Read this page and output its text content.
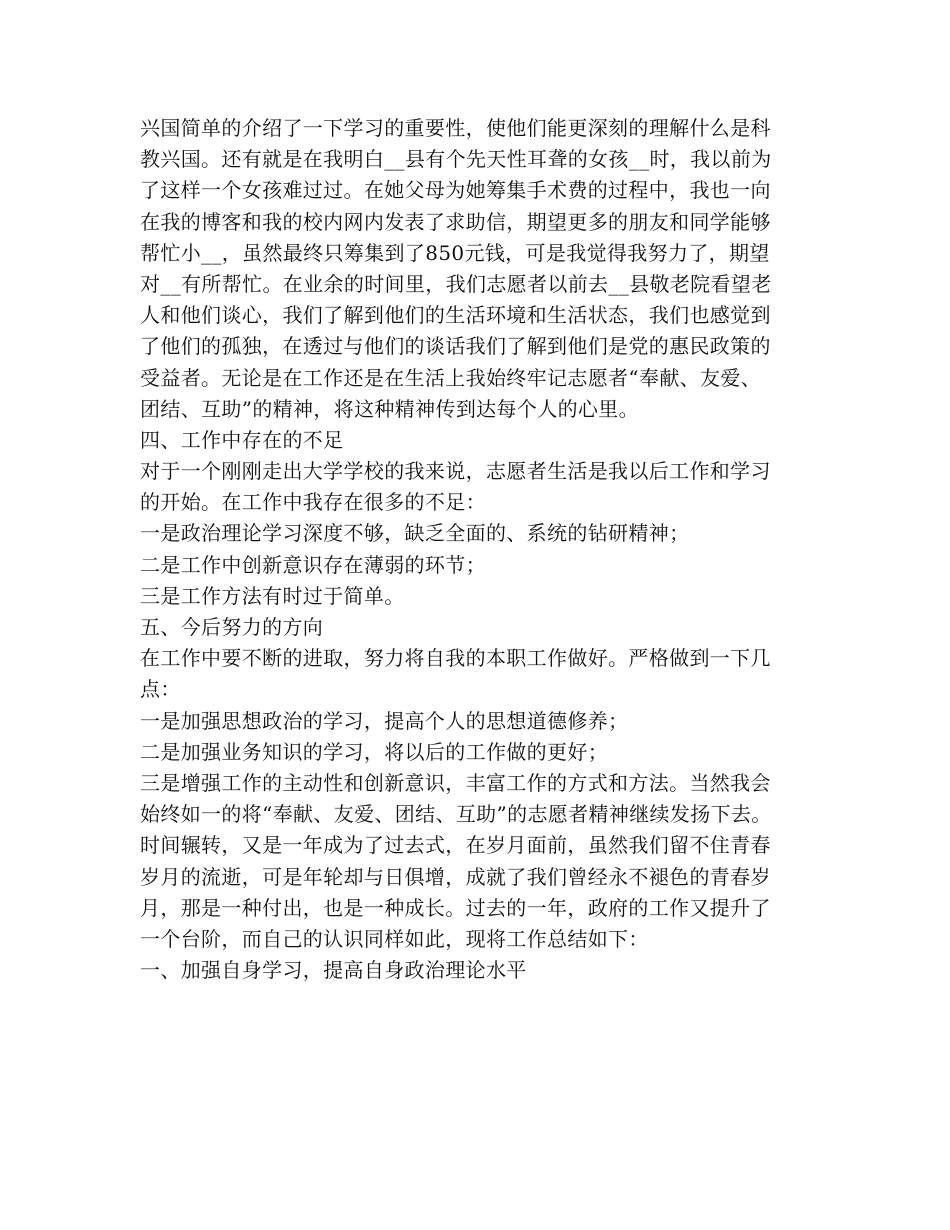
兴国简单的介绍了一下学习的重要性，使他们能更深刻的理解什么是科
教兴国。还有就是在我明白__县有个先天性耳聋的女孩__时，我以前为
了这样一个女孩难过过。在她父母为她筹集手术费的过程中，我也一向
在我的博客和我的校内网内发表了求助信，期望更多的朋友和同学能够
帮忙小__，虽然最终只筹集到了850元钱，可是我觉得我努力了，期望
对__有所帮忙。在业余的时间里，我们志愿者以前去__县敬老院看望老
人和他们谈心，我们了解到他们的生活环境和生活状态，我们也感觉到
了他们的孤独，在透过与他们的谈话我们了解到他们是党的惠民政策的
受益者。无论是在工作还是在生活上我始终牢记志愿者“奉献、友爱、
团结、互助”的精神，将这种精神传到达每个人的心里。
四、工作中存在的不足
对于一个刚刚走出大学学校的我来说，志愿者生活是我以后工作和学习
的开始。在工作中我存在很多的不足：
一是政治理论学习深度不够，缺乏全面的、系统的钻研精神；
二是工作中创新意识存在薄弱的环节；
三是工作方法有时过于简单。
五、今后努力的方向
在工作中要不断的进取，努力将自我的本职工作做好。严格做到一下几
点：
一是加强思想政治的学习，提高个人的思想道德修养；
二是加强业务知识的学习，将以后的工作做的更好；
三是增强工作的主动性和创新意识，丰富工作的方式和方法。当然我会
始终如一的将“奉献、友爱、团结、互助”的志愿者精神继续发扬下去。
时间辗转，又是一年成为了过去式，在岁月面前，虽然我们留不住青春
岁月的流逝，可是年轮却与日俱增，成就了我们曾经永不褪色的青春岁
月，那是一种付出，也是一种成长。过去的一年，政府的工作又提升了
一个台阶，而自己的认识同样如此，现将工作总结如下：
一、加强自身学习，提高自身政治理论水平
